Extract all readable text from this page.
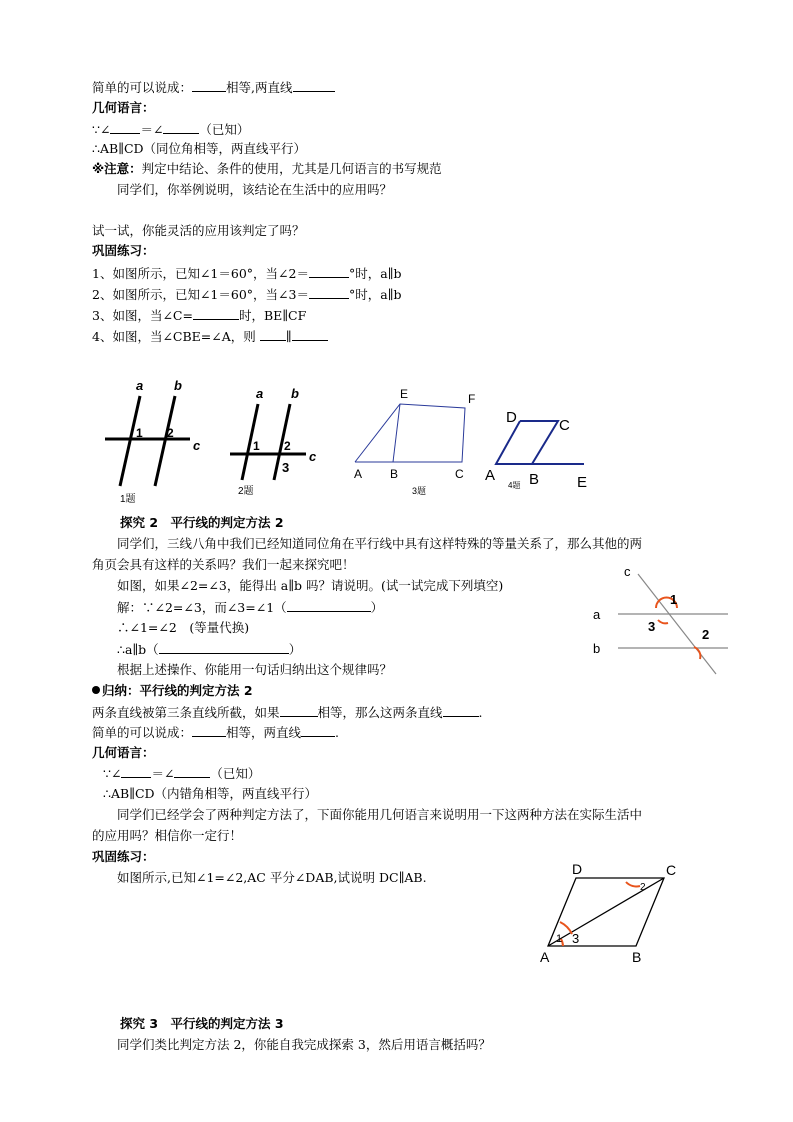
简单的可以说成：	相等,两直线
几何语言：
∵∠ ＝∠	（已知）
∴AB∥CD（同位角相等，两直线平行）
※注意：判定中结论、条件的使用，尤其是几何语言的书写规范
同学们，你举例说明，该结论在生活中的应用吗？
试一试，你能灵活的应用该判定了吗？
巩固练习：
1、如图所示，已知∠1＝60°，当∠2＝	°时，a∥b
2、如图所示，已知∠1＝60°，当∠3＝	°时，a∥b
3、如图，当∠C=	时，BE∥CF
4、如图，当∠CBE=∠A，则 ∥
a b
c
1 2
1题
a b
c
1 2
3
2题
E	F
A B	C
3题
D	C
A B	E
4题
探究 2　平行线的判定方法 2
同学们，三线八角中我们已经知道同位角在平行线中具有这样特殊的等量关系了，那么其他的两
角页会具有这样的关系吗？我们一起来探究吧！
如图，如果∠2=∠3，能得出 a∥b 吗？请说明。(试一试完成下列填空)
解：∵∠2=∠3，而∠3=∠1（	）
∴∠1=∠2　(等量代换)
∴a∥b（	）
根据上述操作、你能用一句话归纳出这个规律吗？
归纳：平行线的判定方法 2
两条直线被第三条直线所截，如果	相等，那么这两条直线	.
简单的可以说成：	相等，两直线	.
几何语言：
∵∠ ＝∠	（已知）
∴AB∥CD（内错角相等，两直线平行）
同学们已经学会了两种判定方法了，下面你能用几何语言来说明用一下这两种方法在实际生活中
的应用吗？相信你一定行！
巩固练习：
如图所示,已知∠1=∠2,AC 平分∠DAB,试说明 DC∥AB.
c
1
a
3
2
b
D	C
A	B
1
2
3
探究 3　平行线的判定方法 3
同学们类比判定方法 2，你能自我完成探索 3，然后用语言概括吗？
